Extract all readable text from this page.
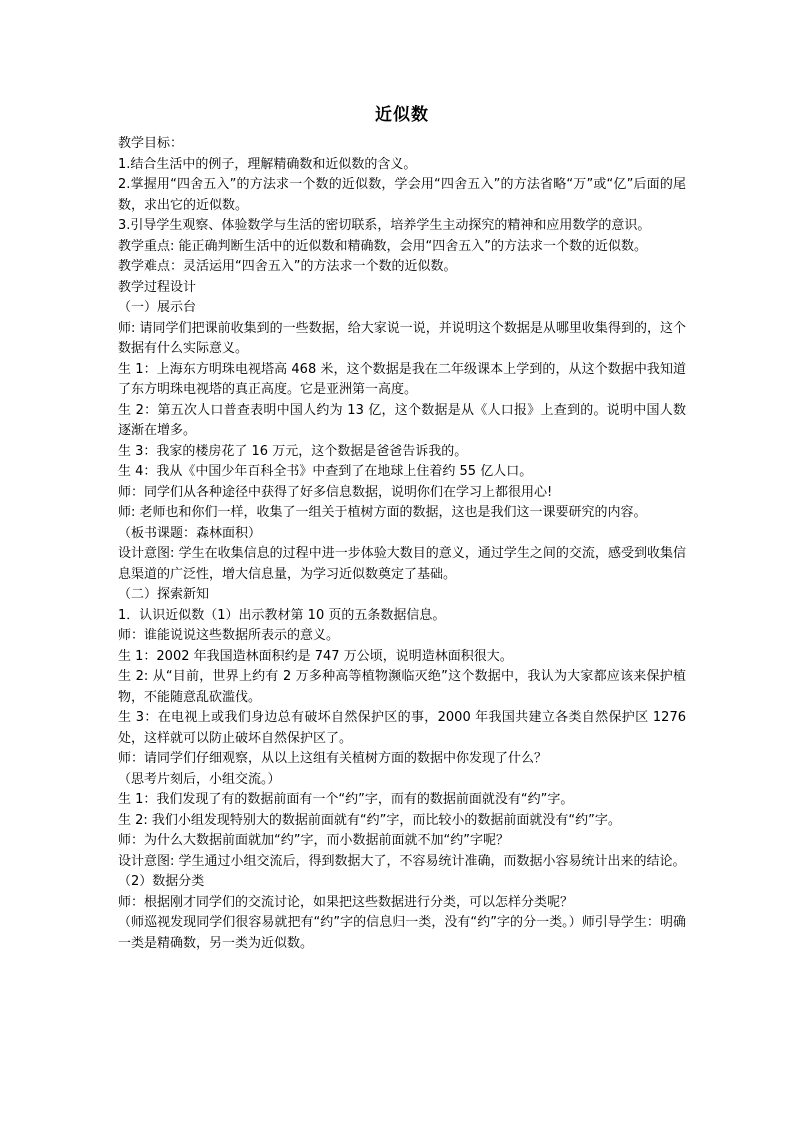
近似数
教学目标：
1.结合生活中的例子，理解精确数和近似数的含义。
2.掌握用“四舍五入”的方法求一个数的近似数，学会用“四舍五入”的方法省略“万”或“亿”后面的尾数，求出它的近似数。
3.引导学生观察、体验数学与生活的密切联系，培养学生主动探究的精神和应用数学的意识。
教学重点: 能正确判断生活中的近似数和精确数，会用“四舍五入”的方法求一个数的近似数。
教学难点：灵活运用“四舍五入”的方法求一个数的近似数。
教学过程设计
（一）展示台
师: 请同学们把课前收集到的一些数据，给大家说一说，并说明这个数据是从哪里收集得到的，这个数据有什么实际意义。
生 1：上海东方明珠电视塔高 468 米，这个数据是我在二年级课本上学到的，从这个数据中我知道了东方明珠电视塔的真正高度。它是亚洲第一高度。
生 2：第五次人口普查表明中国人约为 13 亿，这个数据是从《人口报》上查到的。说明中国人数逐渐在增多。
生 3：我家的楼房花了 16 万元，这个数据是爸爸告诉我的。
生 4：我从《中国少年百科全书》中查到了在地球上住着约 55 亿人口。
师：同学们从各种途径中获得了好多信息数据，说明你们在学习上都很用心!
师: 老师也和你们一样，收集了一组关于植树方面的数据，这也是我们这一课要研究的内容。
（板书课题：森林面积）
设计意图: 学生在收集信息的过程中进一步体验大数目的意义，通过学生之间的交流，感受到收集信息渠道的广泛性，增大信息量，为学习近似数奠定了基础。
（二）探索新知
1．认识近似数（1）出示教材第 10 页的五条数据信息。
师：谁能说说这些数据所表示的意义。
生 1：2002 年我国造林面积约是 747 万公顷，说明造林面积很大。
生 2: 从“目前，世界上约有 2 万多种高等植物濒临灭绝”这个数据中，我认为大家都应该来保护植物，不能随意乱砍滥伐。
生 3：在电视上或我们身边总有破坏自然保护区的事，2000 年我国共建立各类自然保护区 1276 处，这样就可以防止破坏自然保护区了。
师：请同学们仔细观察，从以上这组有关植树方面的数据中你发现了什么？
（思考片刻后，小组交流。）
生 1：我们发现了有的数据前面有一个“约”字，而有的数据前面就没有“约”字。
生 2: 我们小组发现特别大的数据前面就有“约”字，而比较小的数据前面就没有“约”字。
师：为什么大数据前面就加“约”字，而小数据前面就不加“约”字呢？
设计意图: 学生通过小组交流后，得到数据大了，不容易统计准确，而数据小容易统计出来的结论。
（2）数据分类
师：根据刚才同学们的交流讨论，如果把这些数据进行分类，可以怎样分类呢？
（师巡视发现同学们很容易就把有“约”字的信息归一类，没有“约”字的分一类。）师引导学生：明确一类是精确数，另一类为近似数。
